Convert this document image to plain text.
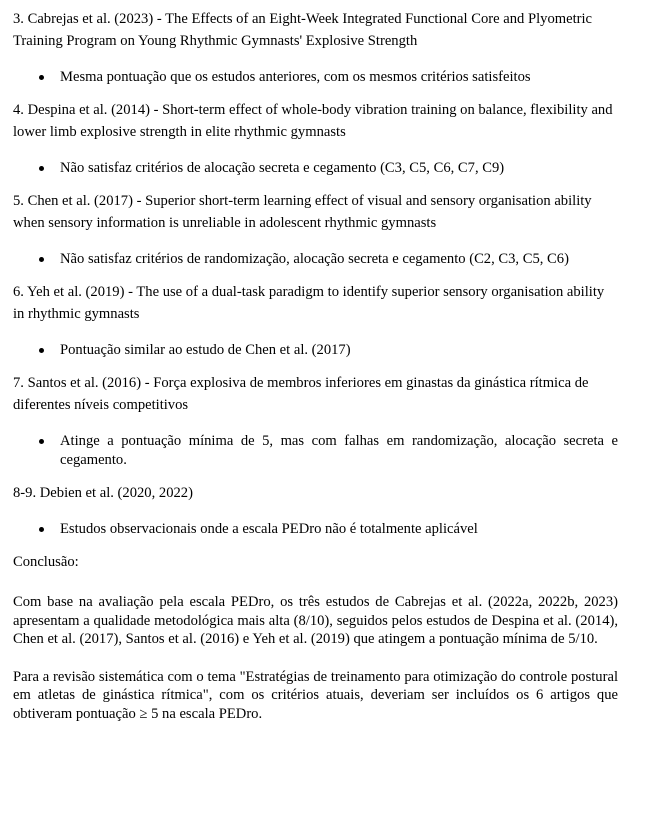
3. Cabrejas et al. (2023) - The Effects of an Eight-Week Integrated Functional Core and Plyometric Training Program on Young Rhythmic Gymnasts' Explosive Strength

Mesma pontuação que os estudos anteriores, com os mesmos critérios satisfeitos

4. Despina et al. (2014) - Short-term effect of whole-body vibration training on balance, flexibility and lower limb explosive strength in elite rhythmic gymnasts

Não satisfaz critérios de alocação secreta e cegamento (C3, C5, C6, C7, C9)

5. Chen et al. (2017) - Superior short-term learning effect of visual and sensory organisation ability when sensory information is unreliable in adolescent rhythmic gymnasts

Não satisfaz critérios de randomização, alocação secreta e cegamento (C2, C3, C5, C6)

6. Yeh et al. (2019) - The use of a dual-task paradigm to identify superior sensory organisation ability in rhythmic gymnasts

Pontuação similar ao estudo de Chen et al. (2017)

7. Santos et al. (2016) - Força explosiva de membros inferiores em ginastas da ginástica rítmica de diferentes níveis competitivos

Atinge a pontuação mínima de 5, mas com falhas em randomização, alocação secreta e cegamento.

8-9. Debien et al. (2020, 2022)

Estudos observacionais onde a escala PEDro não é totalmente aplicável

Conclusão:

Com base na avaliação pela escala PEDro, os três estudos de Cabrejas et al. (2022a, 2022b, 2023) apresentam a qualidade metodológica mais alta (8/10), seguidos pelos estudos de Despina et al. (2014), Chen et al. (2017), Santos et al. (2016) e Yeh et al. (2019) que atingem a pontuação mínima de 5/10.

Para a revisão sistemática com o tema "Estratégias de treinamento para otimização do controle postural em atletas de ginástica rítmica", com os critérios atuais, deveriam ser incluídos os 6 artigos que obtiveram pontuação ≥ 5 na escala PEDro.
